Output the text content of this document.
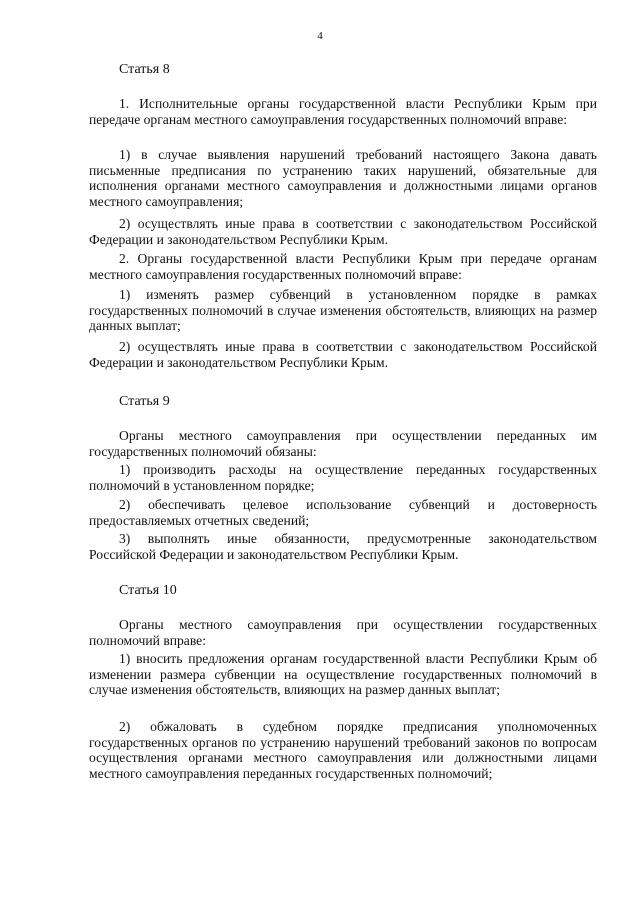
4
Статья 8

1. Исполнительные органы государственной власти Республики Крым при передаче органам местного самоуправления государственных полномочий вправе:

1) в случае выявления нарушений требований настоящего Закона давать письменные предписания по устранению таких нарушений, обязательные для исполнения органами местного самоуправления и должностными лицами органов местного самоуправления;

2) осуществлять иные права в соответствии с законодательством Российской Федерации и законодательством Республики Крым.

2. Органы государственной власти Республики Крым при передаче органам местного самоуправления государственных полномочий вправе:

1) изменять размер субвенций в установленном порядке в рамках государственных полномочий в случае изменения обстоятельств, влияющих на размер данных выплат;

2) осуществлять иные права в соответствии с законодательством Российской Федерации и законодательством Республики Крым.

Статья 9

Органы местного самоуправления при осуществлении переданных им государственных полномочий обязаны:

1) производить расходы на осуществление переданных государственных полномочий в установленном порядке;

2) обеспечивать целевое использование субвенций и достоверность предоставляемых отчетных сведений;

3) выполнять иные обязанности, предусмотренные законодательством Российской Федерации и законодательством Республики Крым.

Статья 10

Органы местного самоуправления при осуществлении государственных полномочий вправе:

1) вносить предложения органам государственной власти Республики Крым об изменении размера субвенции на осуществление государственных полномочий в случае изменения обстоятельств, влияющих на размер данных выплат;

2) обжаловать в судебном порядке предписания уполномоченных государственных органов по устранению нарушений требований законов по вопросам осуществления органами местного самоуправления или должностными лицами местного самоуправления переданных государственных полномочий;
